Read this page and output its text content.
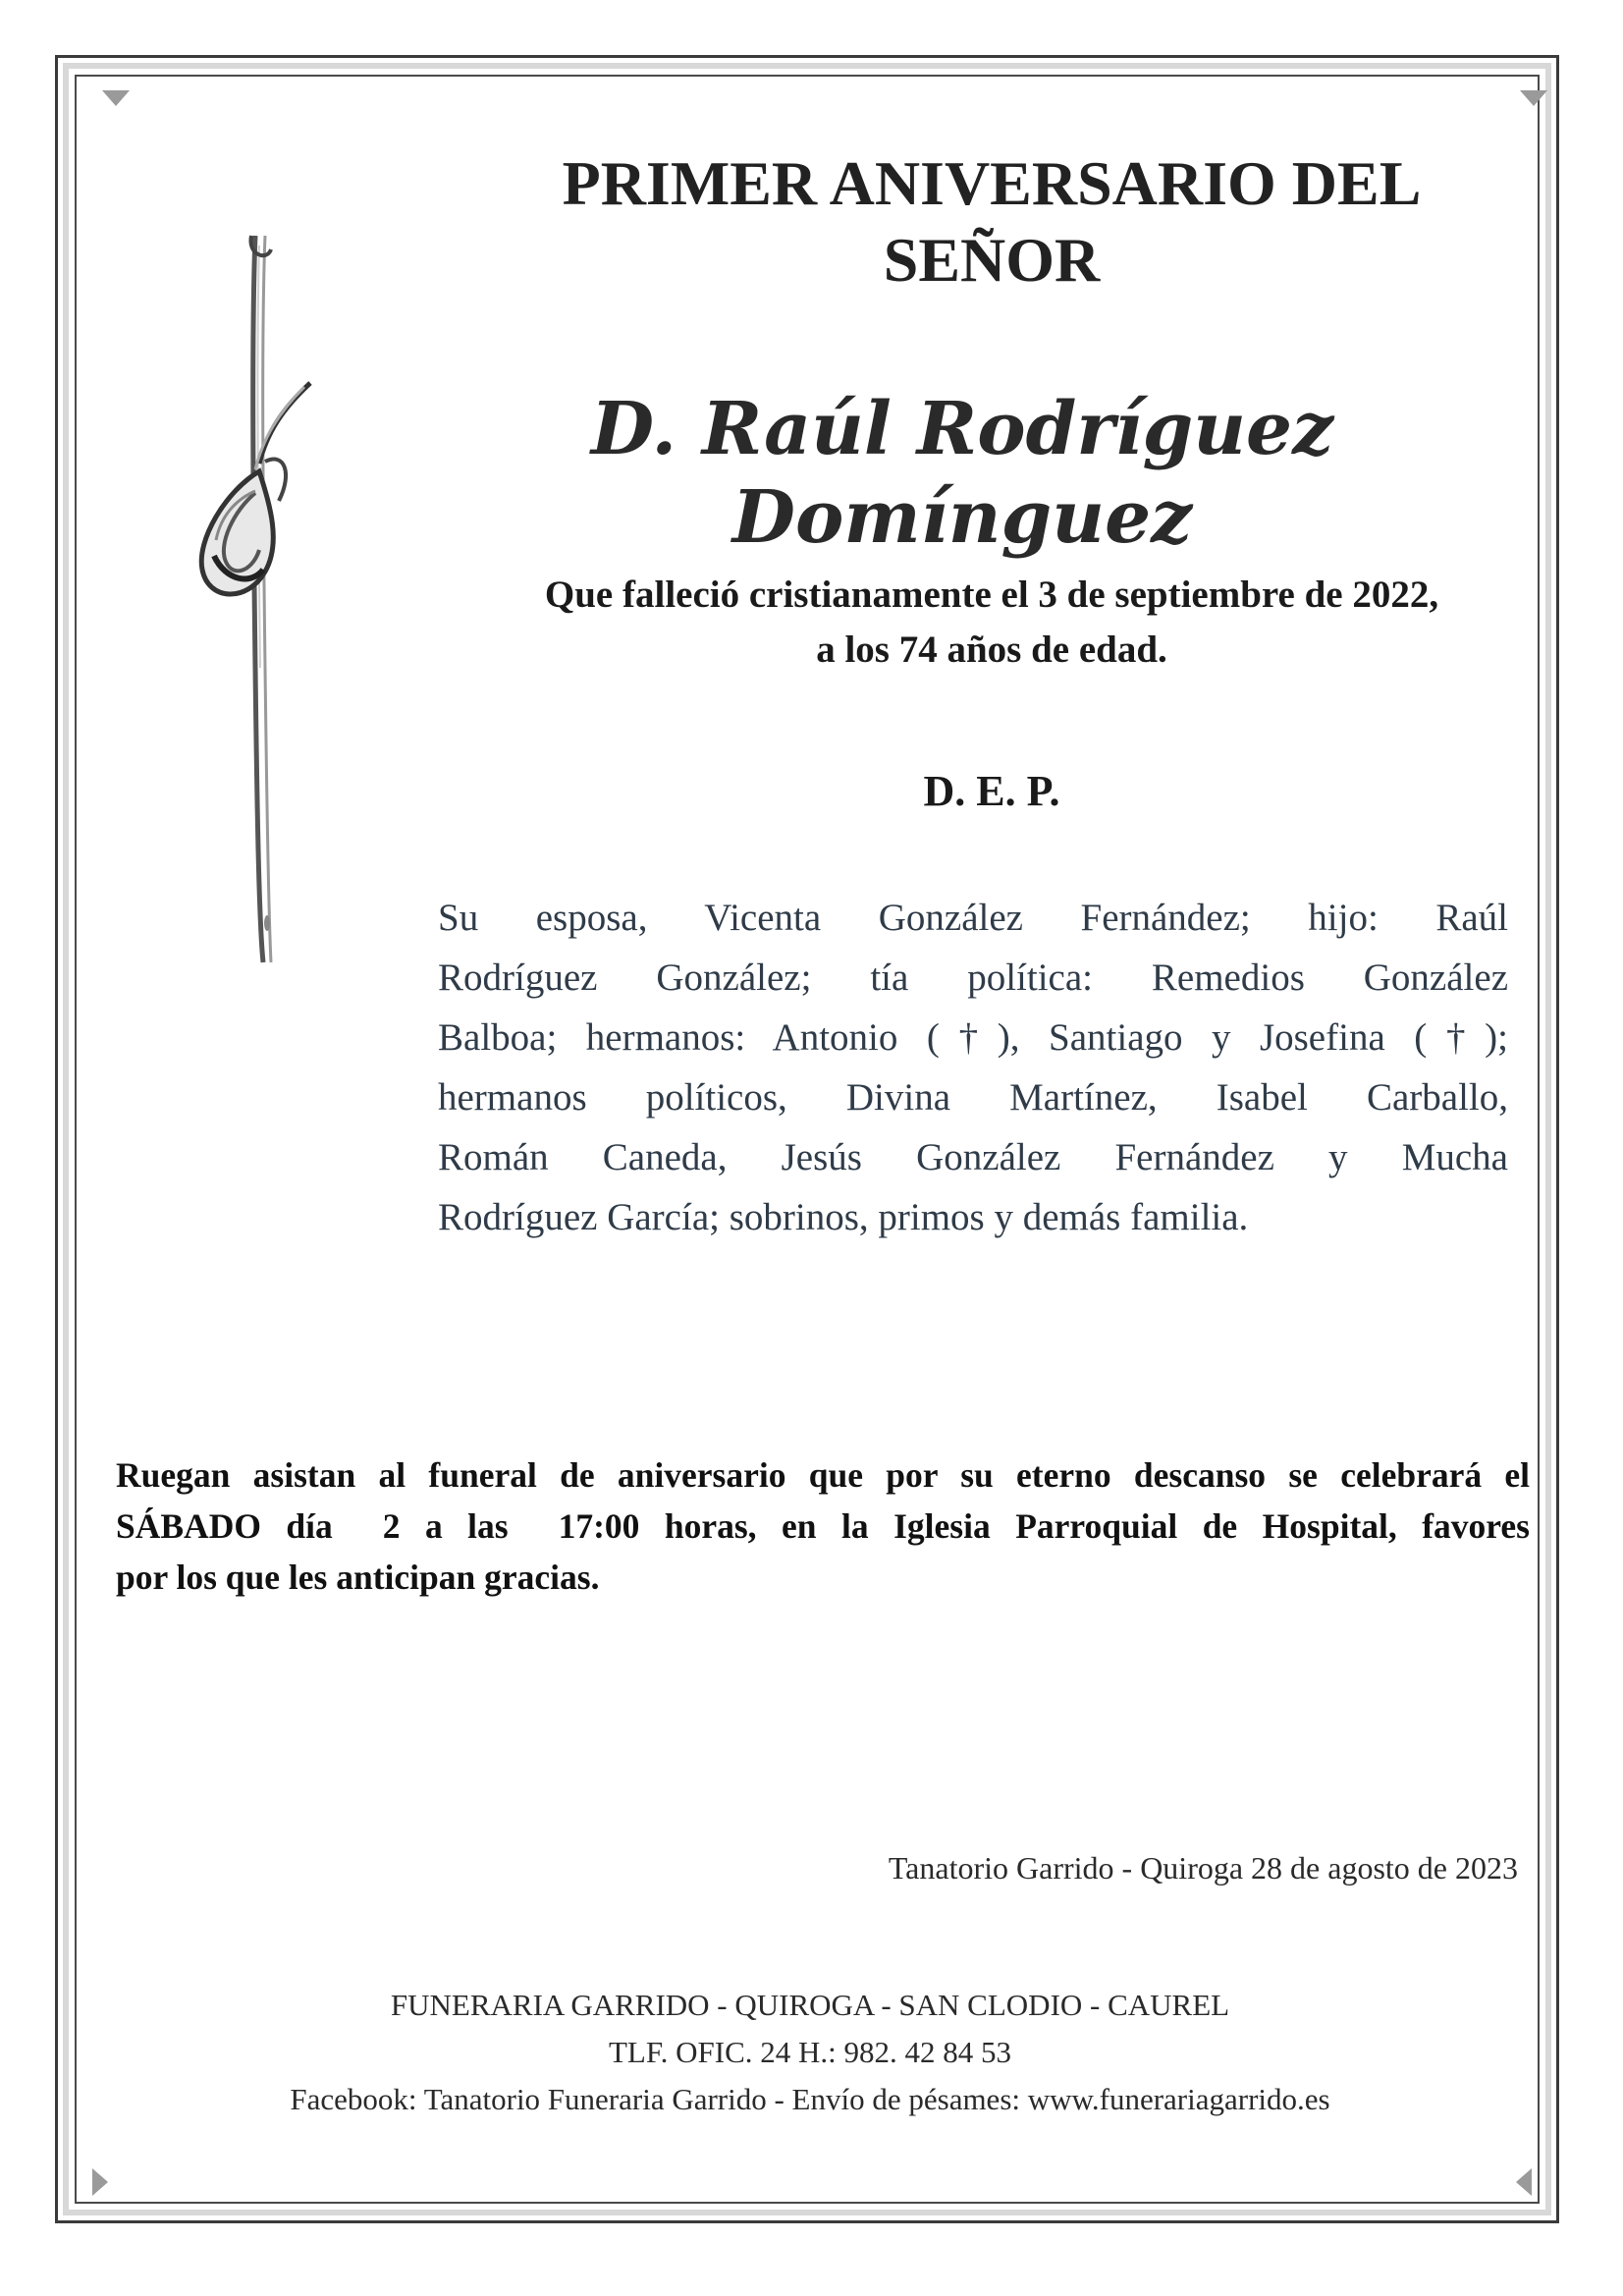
PRIMER ANIVERSARIO DEL
SEÑOR
D. Raúl Rodríguez Domínguez
Que falleció cristianamente el 3 de septiembre de 2022,
a los 74 años de edad.
D. E. P.
Su esposa, Vicenta González Fernández; hijo: Raúl
Rodríguez González; tía política: Remedios González
Balboa; hermanos: Antonio (†), Santiago y Josefina (†);
hermanos políticos, Divina Martínez, Isabel Carballo,
Román Caneda, Jesús González Fernández y Mucha
Rodríguez García; sobrinos, primos y demás familia.
Ruegan asistan al funeral de aniversario que por su eterno descanso se celebrará el
SÁBADO día  2 a las  17:00 horas, en la Iglesia Parroquial de Hospital, favores
por los que les anticipan gracias.
Tanatorio Garrido - Quiroga 28 de agosto de 2023
FUNERARIA GARRIDO - QUIROGA - SAN CLODIO - CAUREL
TLF. OFIC. 24 H.: 982. 42 84 53
Facebook: Tanatorio Funeraria Garrido - Envío de pésames: www.funerariagarrido.es
